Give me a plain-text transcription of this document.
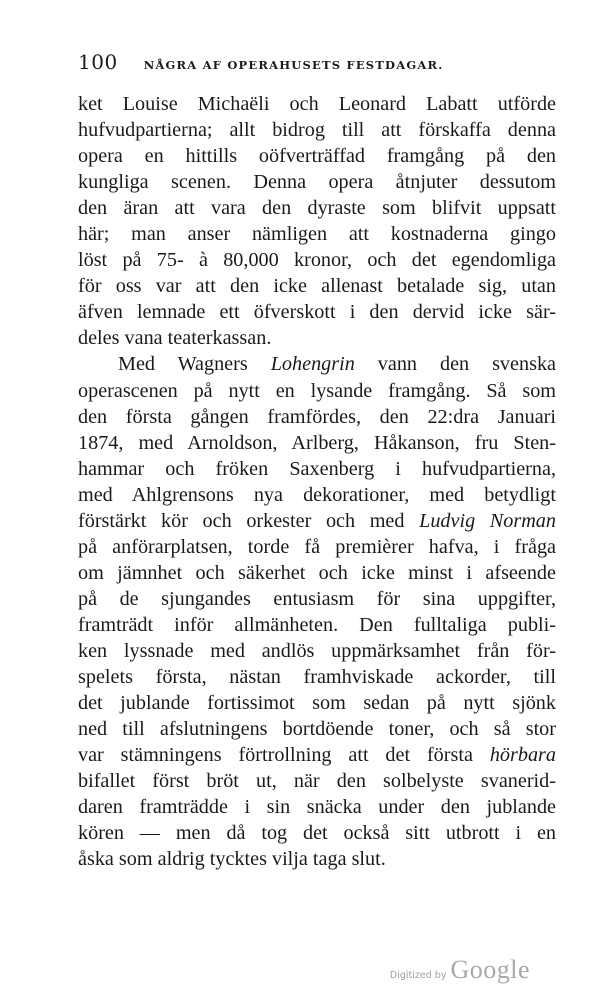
100 NÅGRA AF OPERAHUSETS FESTDAGAR.
ket Louise Michaëli och Leonard Labatt utförde
hufvudpartierna; allt bidrog till att förskaffa denna
opera en hittills oöfverträffad framgång på den
kungliga scenen. Denna opera åtnjuter dessutom
den äran att vara den dyraste som blifvit uppsatt
här; man anser nämligen att kostnaderna gingo
löst på 75- à 80,000 kronor, och det egendomliga
för oss var att den icke allenast betalade sig, utan
äfven lemnade ett öfverskott i den dervid icke sär-
deles vana teaterkassan.
Med Wagners Lohengrin vann den svenska
operascenen på nytt en lysande framgång. Så som
den första gången framfördes, den 22:dra Januari
1874, med Arnoldson, Arlberg, Håkanson, fru Sten-
hammar och fröken Saxenberg i hufvudpartierna,
med Ahlgrensons nya dekorationer, med betydligt
förstärkt kör och orkester och med Ludvig Norman
på anförarplatsen, torde få premièrer hafva, i fråga
om jämnhet och säkerhet och icke minst i afseende
på de sjungandes entusiasm för sina uppgifter,
framträdt inför allmänheten. Den fulltaliga publi-
ken lyssnade med andlös uppmärksamhet från för-
spelets första, nästan framhviskade ackorder, till
det jublande fortissimot som sedan på nytt sjönk
ned till afslutningens bortdöende toner, och så stor
var stämningens förtrollning att det första hörbara
bifallet först bröt ut, när den solbelyste svanerid-
daren framträdde i sin snäcka under den jublande
kören — men då tog det också sitt utbrott i en
åska som aldrig tycktes vilja taga slut.
Digitized by Google
